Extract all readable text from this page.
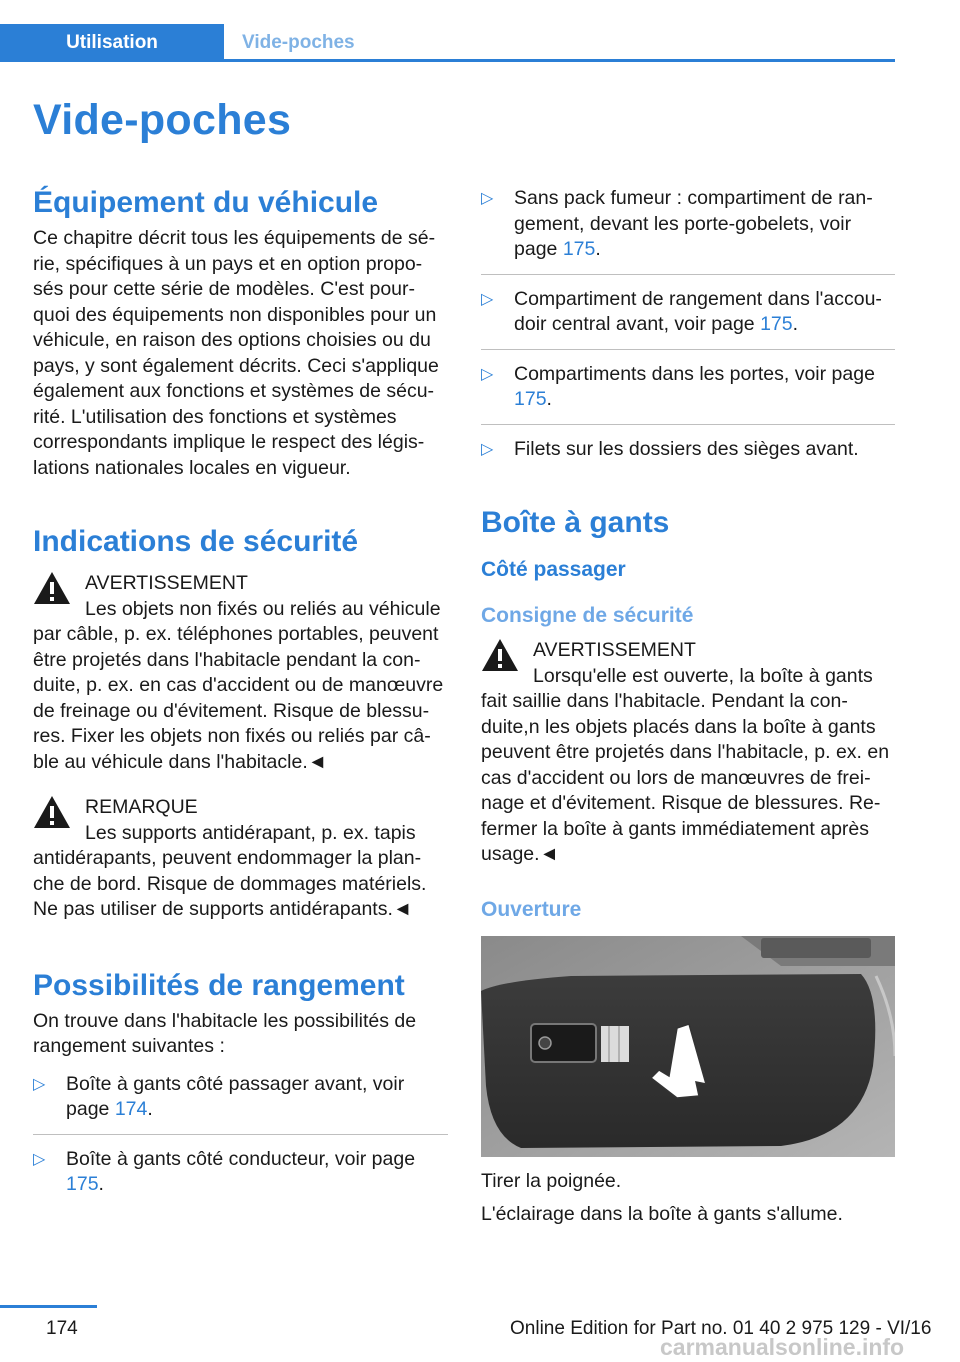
Utilisation	Vide-poches
Vide-poches
Équipement du véhicule

Ce chapitre décrit tous les équipements de sé- rie, spécifiques à un pays et en option propo- sés pour cette série de modèles. C'est pour- quoi des équipements non disponibles pour un véhicule, en raison des options choisies ou du pays, y sont également décrits. Ceci s'applique également aux fonctions et systèmes de sécu- rité. L'utilisation des fonctions et systèmes correspondants implique le respect des légis- lations nationales locales en vigueur.

Indications de sécurité
AVERTISSEMENT
Les objets non fixés ou reliés au véhicule
par câble, p. ex. téléphones portables, peuvent être projetés dans l'habitacle pendant la con- duite, p. ex. en cas d'accident ou de manœuvre de freinage ou d'évitement. Risque de blessu- res. Fixer les objets non fixés ou reliés par câ- ble au véhicule dans l'habitacle.◄
REMARQUE
Les supports antidérapant, p. ex. tapis
antidérapants, peuvent endommager la plan- che de bord. Risque de dommages matériels. Ne pas utiliser de supports antidérapants.◄
Possibilités de rangement

On trouve dans l'habitacle les possibilités de rangement suivantes :

▷ Boîte à gants côté passager avant, voir page 174.
▷ Boîte à gants côté conducteur, voir page 175.
▷ Sans pack fumeur : compartiment de ran- gement, devant les porte-gobelets, voir page 175.
▷ Compartiment de rangement dans l'accou- doir central avant, voir page 175.
▷ Compartiments dans les portes, voir page 175.
▷ Filets sur les dossiers des sièges avant.
Boîte à gants
Côté passager
Consigne de sécurité
AVERTISSEMENT
Lorsqu'elle est ouverte, la boîte à gants
fait saillie dans l'habitacle. Pendant la con- duite,n les objets placés dans la boîte à gants peuvent être projetés dans l'habitacle, p. ex. en cas d'accident ou lors de manœuvres de frei- nage et d'évitement. Risque de blessures. Re- fermer la boîte à gants immédiatement après usage.◄
Ouverture

Tirer la poignée.

L'éclairage dans la boîte à gants s'allume.

174	Online Edition for Part no. 01 40 2 975 129 - VI/16
carmanualsonline.info
